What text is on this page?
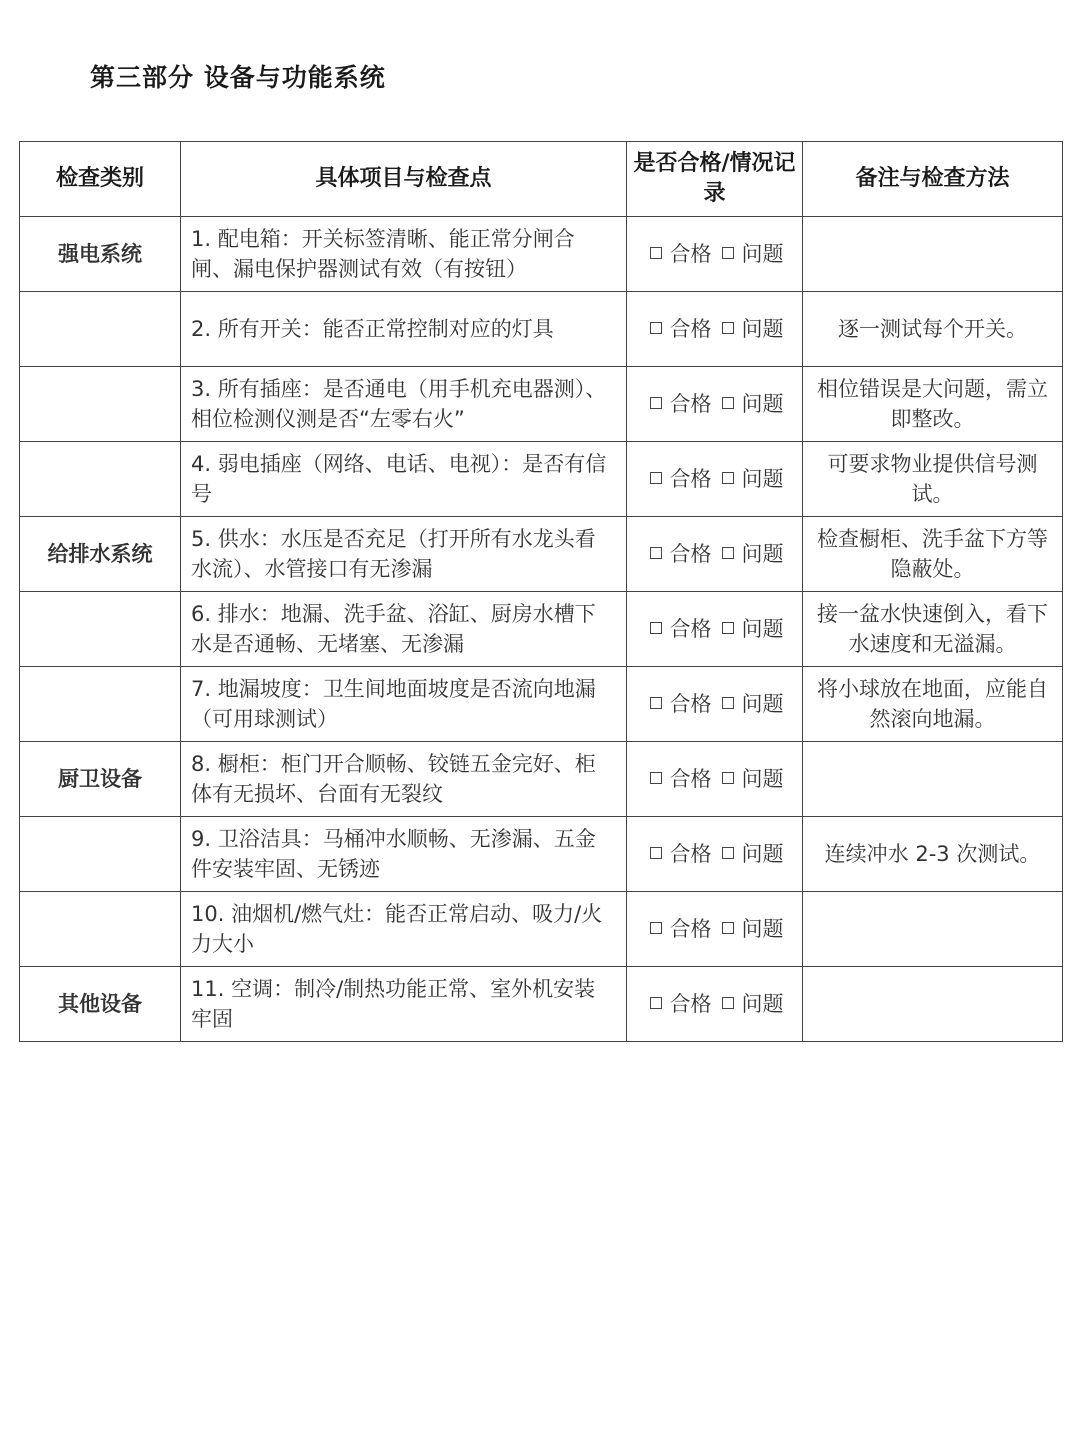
第三部分 设备与功能系统
检查类别	具体项目与检查点	是否合格/情况记录	备注与检查方法
强电系统	1. 配电箱：开关标签清晰、能正常分闸合闸、漏电保护器测试有效（有按钮）	合格 问题	
	2. 所有开关：能否正常控制对应的灯具	合格 问题	逐一测试每个开关。
	3. 所有插座：是否通电（用手机充电器测）、相位检测仪测是否“左零右火”	合格 问题	相位错误是大问题，需立即整改。
	4. 弱电插座（网络、电话、电视）：是否有信号	合格 问题	可要求物业提供信号测试。
给排水系统	5. 供水：水压是否充足（打开所有水龙头看水流）、水管接口有无渗漏	合格 问题	检查橱柜、洗手盆下方等隐蔽处。
	6. 排水：地漏、洗手盆、浴缸、厨房水槽下水是否通畅、无堵塞、无渗漏	合格 问题	接一盆水快速倒入，看下水速度和无溢漏。
	7. 地漏坡度：卫生间地面坡度是否流向地漏（可用球测试）	合格 问题	将小球放在地面，应能自然滚向地漏。
厨卫设备	8. 橱柜：柜门开合顺畅、铰链五金完好、柜体有无损坏、台面有无裂纹	合格 问题	
	9. 卫浴洁具：马桶冲水顺畅、无渗漏、五金件安装牢固、无锈迹	合格 问题	连续冲水 2-3 次测试。
	10. 油烟机/燃气灶：能否正常启动、吸力/火力大小	合格 问题	
其他设备	11. 空调：制冷/制热功能正常、室外机安装牢固	合格 问题	
